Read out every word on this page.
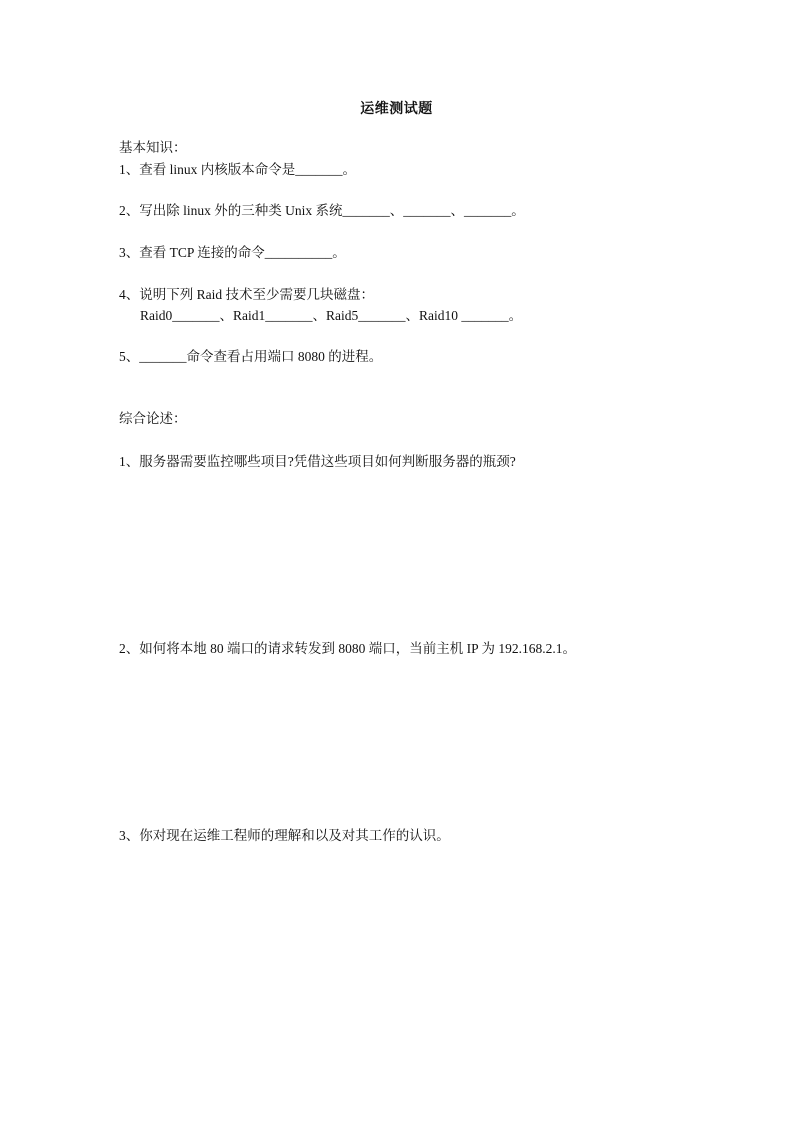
运维测试题
基本知识：
1、查看 linux 内核版本命令是_______。
2、写出除 linux 外的三种类 Unix 系统_______、_______、_______。
3、查看 TCP 连接的命令__________。
4、说明下列 Raid 技术至少需要几块磁盘：
Raid0_______、Raid1_______、Raid5_______、Raid10 _______。
5、_______命令查看占用端口 8080 的进程。
综合论述：
1、服务器需要监控哪些项目?凭借这些项目如何判断服务器的瓶颈?
2、如何将本地 80 端口的请求转发到 8080 端口，当前主机 IP 为 192.168.2.1。
3、你对现在运维工程师的理解和以及对其工作的认识。
